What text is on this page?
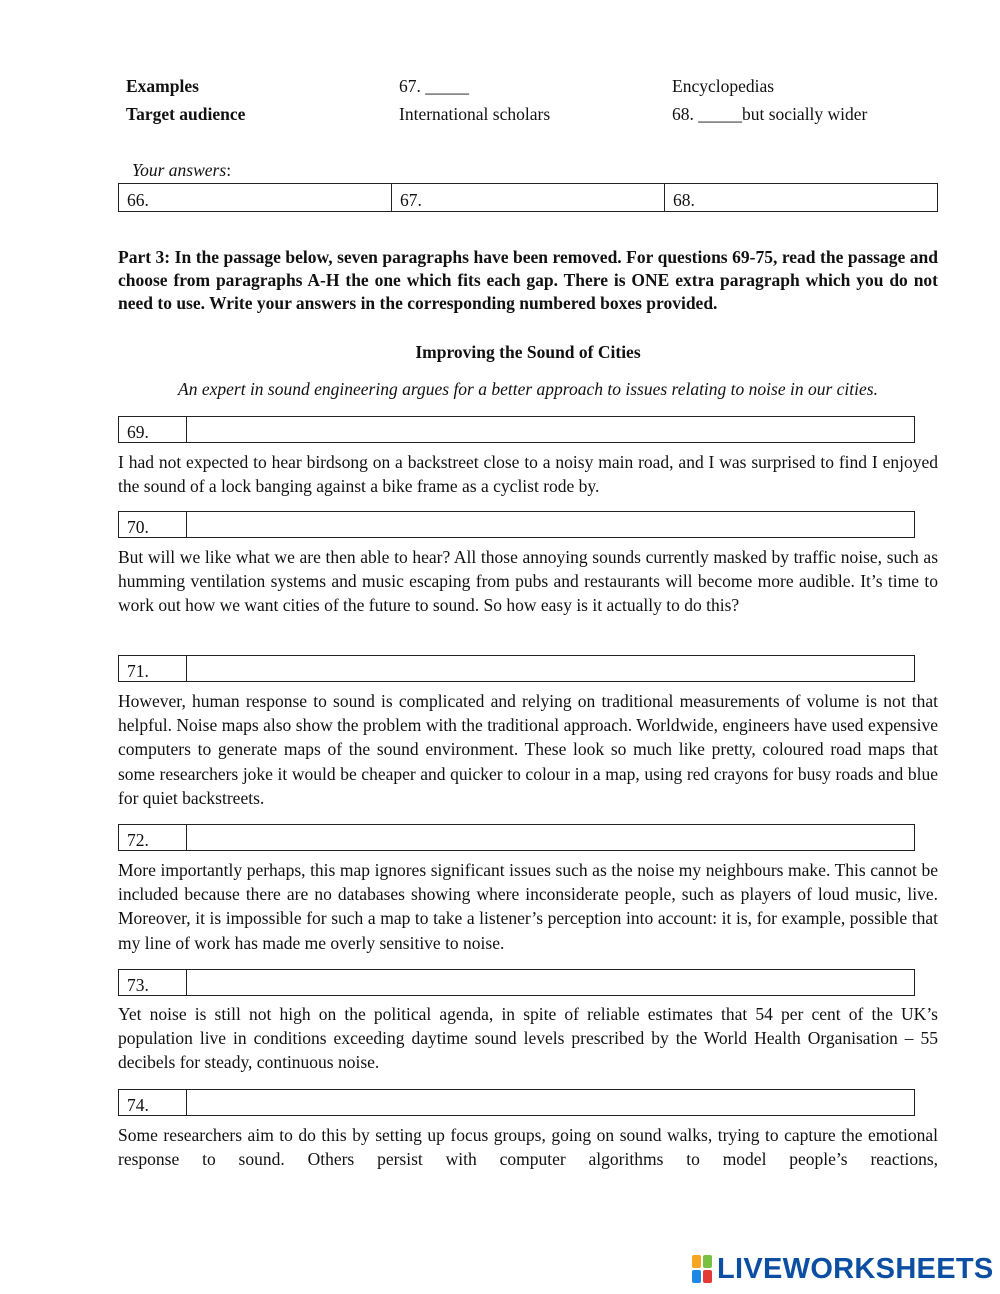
Examples	67. _____	Encyclopedias
Target audience	International scholars	68. _____but socially wider
Your answers:
66.	67.	68.
Part 3: In the passage below, seven paragraphs have been removed. For questions 69-75, read the passage and choose from paragraphs A-H the one which fits each gap. There is ONE extra paragraph which you do not need to use. Write your answers in the corresponding numbered boxes provided.
Improving the Sound of Cities
An expert in sound engineering argues for a better approach to issues relating to noise in our cities.
69.
I had not expected to hear birdsong on a backstreet close to a noisy main road, and I was surprised to find I enjoyed the sound of a lock banging against a bike frame as a cyclist rode by.
70.
But will we like what we are then able to hear? All those annoying sounds currently masked by traffic noise, such as humming ventilation systems and music escaping from pubs and restaurants will become more audible. It’s time to work out how we want cities of the future to sound. So how easy is it actually to do this?
71.
However, human response to sound is complicated and relying on traditional measurements of volume is not that helpful. Noise maps also show the problem with the traditional approach. Worldwide, engineers have used expensive computers to generate maps of the sound environment. These look so much like pretty, coloured road maps that some researchers joke it would be cheaper and quicker to colour in a map, using red crayons for busy roads and blue for quiet backstreets.
72.
More importantly perhaps, this map ignores significant issues such as the noise my neighbours make. This cannot be included because there are no databases showing where inconsiderate people, such as players of loud music, live. Moreover, it is impossible for such a map to take a listener’s perception into account: it is, for example, possible that my line of work has made me overly sensitive to noise.
73.
Yet noise is still not high on the political agenda, in spite of reliable estimates that 54 per cent of the UK’s population live in conditions exceeding daytime sound levels prescribed by the World Health Organisation – 55 decibels for steady, continuous noise.
74.
Some researchers aim to do this by setting up focus groups, going on sound walks, trying to capture the emotional response to sound. Others persist with computer algorithms to model people’s reactions,
LIVEWORKSHEETS
